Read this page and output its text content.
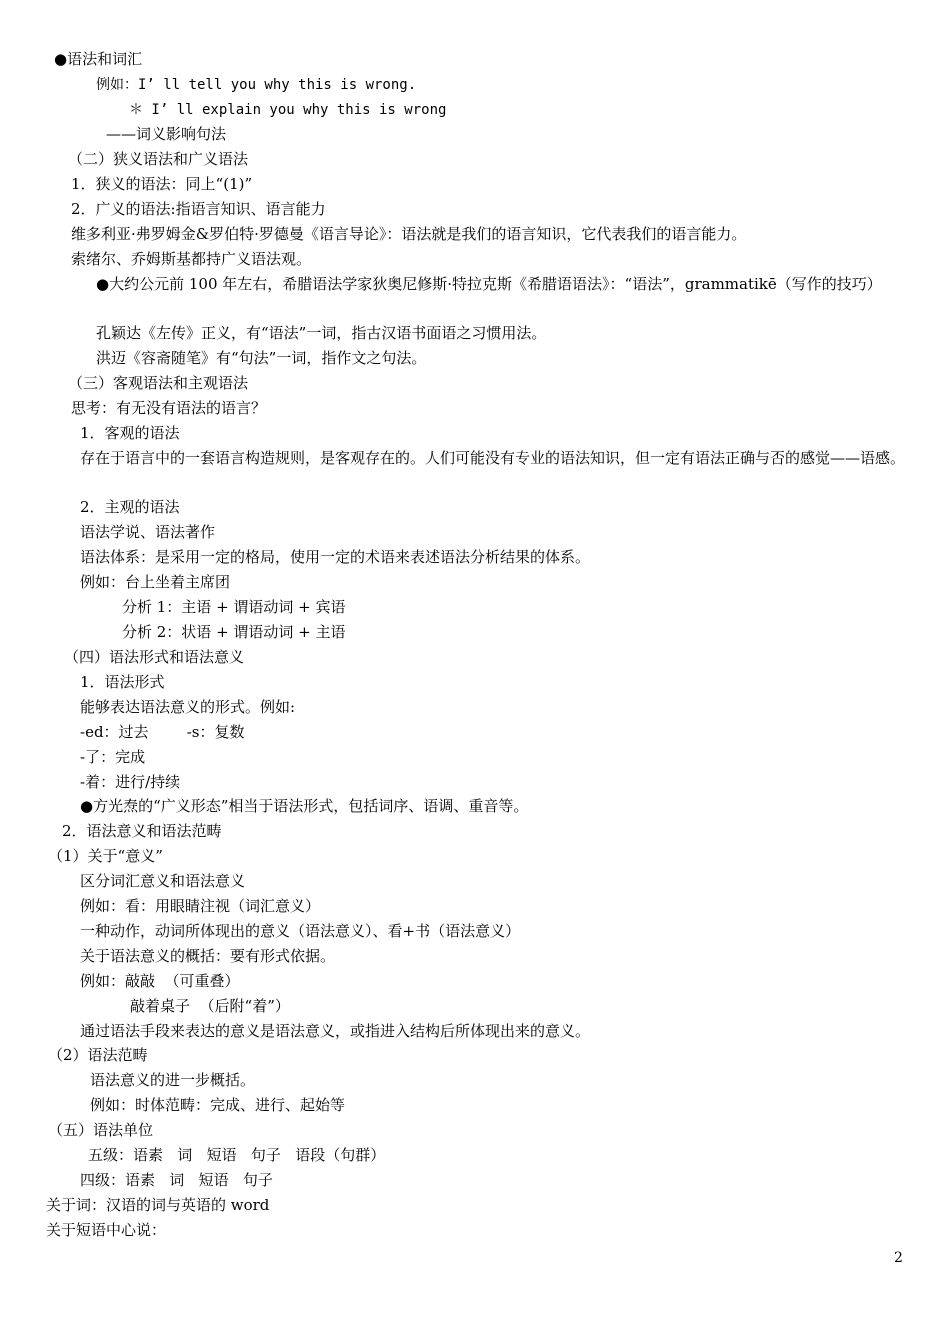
●语法和词汇
例如：I’ ll tell you why this is wrong.
＊ I’ ll explain you why this is wrong
——词义影响句法
（二）狭义语法和广义语法
1．狭义的语法：同上“(1)”
2．广义的语法:指语言知识、语言能力
维多利亚·弗罗姆金&罗伯特·罗德曼《语言导论》：语法就是我们的语言知识，它代表我们的语言能力。
索绪尔、乔姆斯基都持广义语法观。
●大约公元前 100 年左右，希腊语法学家狄奥尼修斯·特拉克斯《希腊语语法》：“语法”，grammatikē（写作的技巧）
孔颖达《左传》正义，有“语法”一词，指古汉语书面语之习惯用法。
洪迈《容斋随笔》有“句法”一词，指作文之句法。
（三）客观语法和主观语法
思考：有无没有语法的语言？
1．客观的语法
存在于语言中的一套语言构造规则，是客观存在的。人们可能没有专业的语法知识，但一定有语法正确与否的感觉——语感。
2．主观的语法
语法学说、语法著作
语法体系：是采用一定的格局，使用一定的术语来表述语法分析结果的体系。
例如：台上坐着主席团
分析 1：主语 + 谓语动词 + 宾语
分析 2：状语 + 谓语动词 + 主语
（四）语法形式和语法意义
1．语法形式
能够表达语法意义的形式。例如:
-ed：过去        -s：复数
-了：完成
-着：进行/持续
●方光焘的“广义形态”相当于语法形式，包括词序、语调、重音等。
2．语法意义和语法范畴
（1）关于“意义”
区分词汇意义和语法意义
例如：看：用眼睛注视（词汇意义）
一种动作，动词所体现出的意义（语法意义）、看+书（语法意义）
关于语法意义的概括：要有形式依据。
例如：敲敲  （可重叠）
敲着桌子  （后附“着”）
通过语法手段来表达的意义是语法意义，或指进入结构后所体现出来的意义。
（2）语法范畴
语法意义的进一步概括。
例如：时体范畴：完成、进行、起始等
（五）语法单位
五级：语素   词   短语   句子   语段（句群）
四级：语素   词   短语   句子
关于词：汉语的词与英语的 word
关于短语中心说：
2
